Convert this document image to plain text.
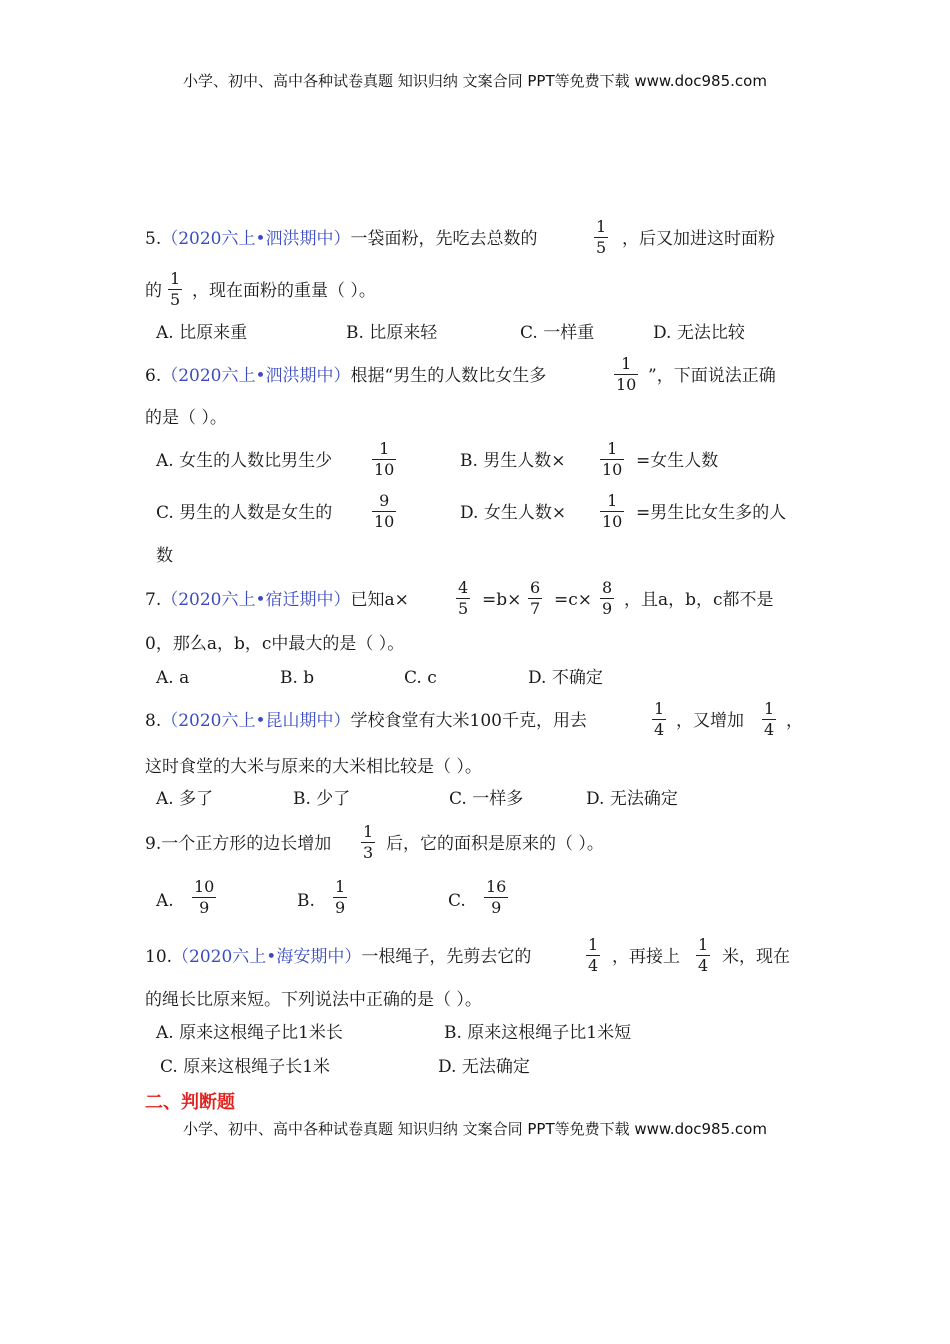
小学、初中、高中各种试卷真题 知识归纳 文案合同 PPT等免费下载 www.doc985.com
小学、初中、高中各种试卷真题 知识归纳 文案合同 PPT等免费下载 www.doc985.com
5.（2020六上•泗洪期中）一袋面粉，先吃去总数的
1
5 ，后又加进这时面粉
的
1
5 ，现在面粉的重量（ ）。
A. 比原来重	B. 比原来轻	C. 一样重	D. 无法比较
6.（2020六上•泗洪期中）根据“男生的人数比女生多
1
10 ”，下面说法正确
的是（ ）。
A. 女生的人数比男生少
1
10	B. 男生人数×
1
10 =女生人数
C. 男生的人数是女生的
9
10	D. 女生人数×
1
10 =男生比女生多的人
数
7.（2020六上•宿迁期中）已知a×
4
5 =b×
6
7 =c×
8
9 ，且a，b，c都不是
0，那么a，b，c中最大的是（ ）。
A. a	B. b	C. c	D. 不确定
8.（2020六上•昆山期中）学校食堂有大米100千克，用去
1
4 ，又增加
1
4 ，
这时食堂的大米与原来的大米相比较是（ ）。
A. 多了	B. 少了	C. 一样多	D. 无法确定
9.一个正方形的边长增加
1
3 后，它的面积是原来的（ ）。
A.
10
9	B.
1
9	C.
16
9
10.（2020六上•海安期中）一根绳子，先剪去它的
1
4 ，再接上
1
4 米，现在
的绳长比原来短。下列说法中正确的是（ ）。
A. 原来这根绳子比1米长	B. 原来这根绳子比1米短
C. 原来这根绳子长1米	D. 无法确定
二、判断题
